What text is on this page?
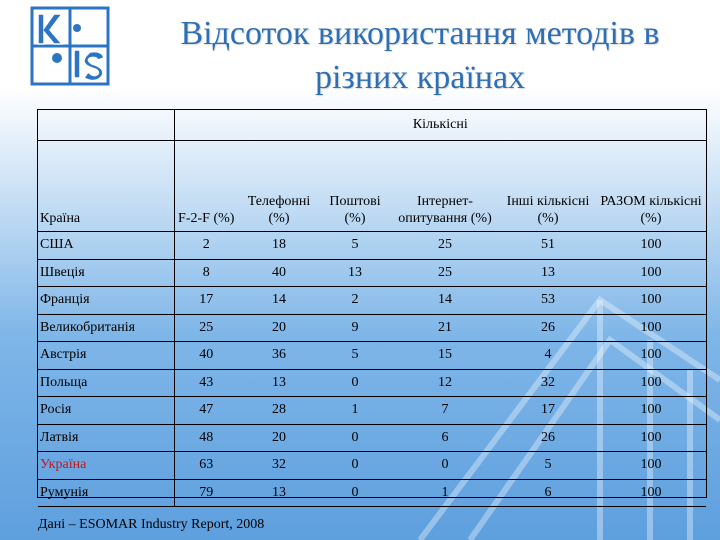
Відсоток використання методів в
різних країнах
	Кількісні					
Країна	F-2-F (%)	Телефонні (%)	Поштові (%)	Інтернет-опитування (%)	Інші кількісні (%)	РАЗОМ кількісні (%)
США	2	18	5	25	51	100
Швеція	8	40	13	25	13	100
Франція	17	14	2	14	53	100
Великобританія	25	20	9	21	26	100
Австрія	40	36	5	15	4	100
Польща	43	13	0	12	32	100
Росія	47	28	1	7	17	100
Латвія	48	20	0	6	26	100
Україна	63	32	0	0	5	100
Румунія	79	13	0	1	6	100
Дані – ESOMAR Industry Report, 2008
